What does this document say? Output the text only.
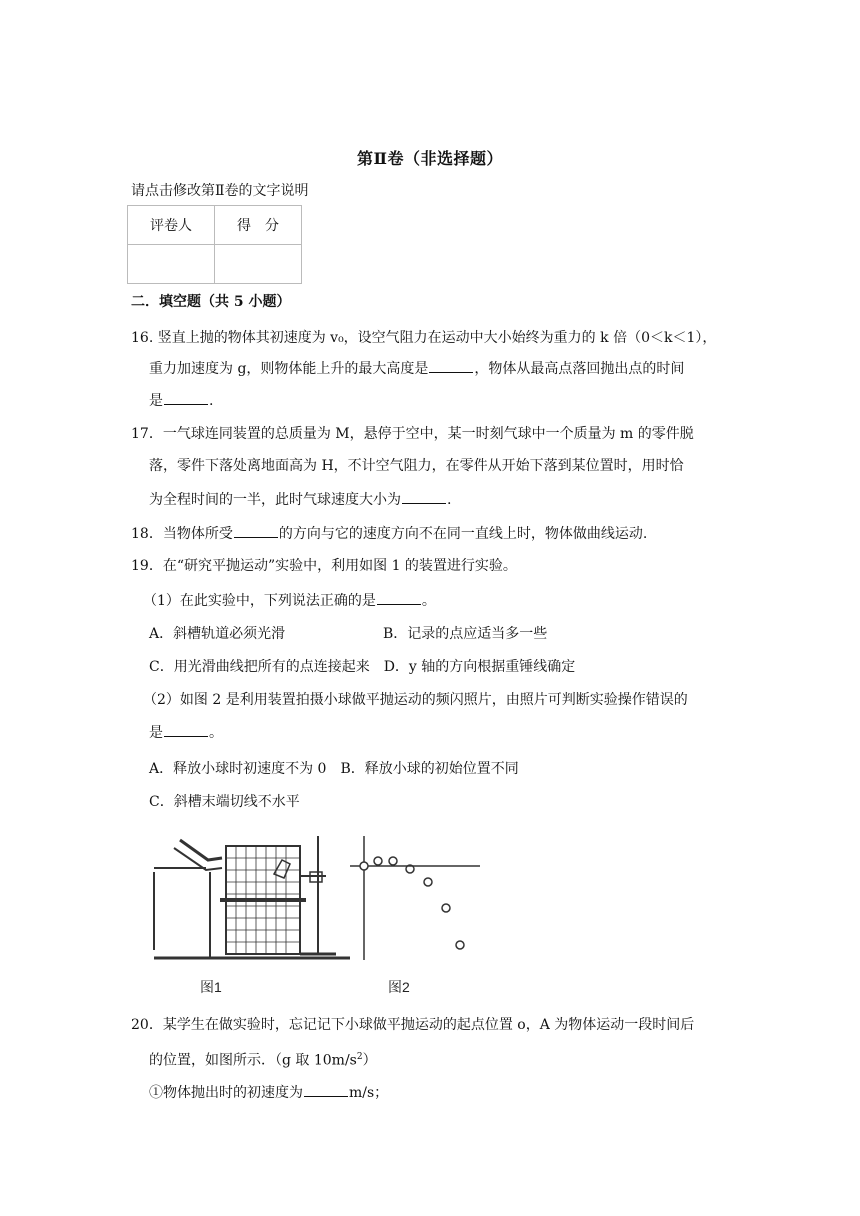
第Ⅱ卷（非选择题）
请点击修改第Ⅱ卷的文字说明
评卷人	得　分

二．填空题（共 5 小题）
16. 竖直上抛的物体其初速度为 v₀，设空气阻力在运动中大小始终为重力的 k 倍（0＜k＜1），
重力加速度为 g，则物体能上升的最大高度是	，物体从最高点落回抛出点的时间
是	.
17．一气球连同装置的总质量为 M，悬停于空中，某一时刻气球中一个质量为 m 的零件脱
落，零件下落处离地面高为 H，不计空气阻力，在零件从开始下落到某位置时，用时恰
为全程时间的一半，此时气球速度大小为	.
18．当物体所受	的方向与它的速度方向不在同一直线上时，物体做曲线运动.
19．在“研究平抛运动”实验中，利用如图 1 的装置进行实验。
（1）在此实验中，下列说法正确的是	。
A．斜槽轨道必须光滑	B．记录的点应适当多一些
C．用光滑曲线把所有的点连接起来　D．y 轴的方向根据重锤线确定
（2）如图 2 是利用装置拍摄小球做平抛运动的频闪照片，由照片可判断实验操作错误的
是	。
A．释放小球时初速度不为 0　B．释放小球的初始位置不同
C．斜槽末端切线不水平
图1	图2
20．某学生在做实验时，忘记记下小球做平抛运动的起点位置 o，A 为物体运动一段时间后
的位置，如图所示．（g 取 $10m/s^2$）
①物体抛出时的初速度为	m/s；
